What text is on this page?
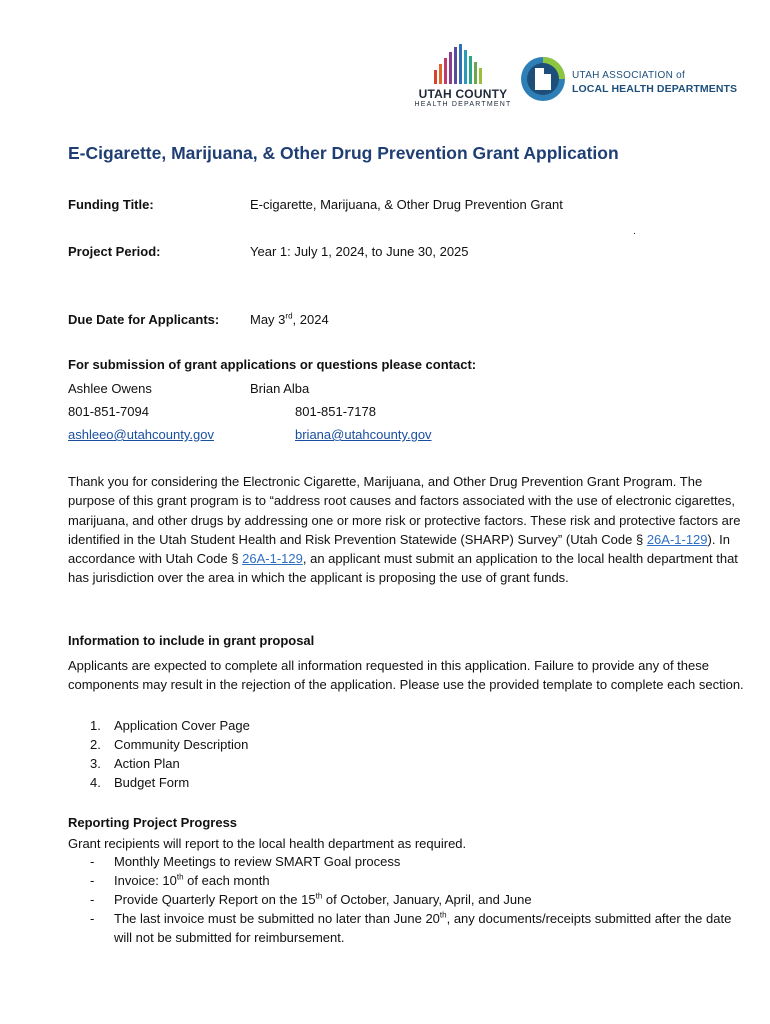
UTAH COUNTY
HEALTH DEPARTMENT
UTAH ASSOCIATION of
LOCAL HEALTH DEPARTMENTS
E-Cigarette, Marijuana, & Other Drug Prevention Grant Application
Funding Title:	E-cigarette, Marijuana, & Other Drug Prevention Grant
.
Project Period:	Year 1: July 1, 2024, to June 30, 2025
Due Date for Applicants: May 3rd, 2024
For submission of grant applications or questions please contact:
Ashlee Owens	Brian Alba
801-851-7094	801-851-7178
ashleeo@utahcounty.gov	briana@utahcounty.gov

Thank you for considering the Electronic Cigarette, Marijuana, and Other Drug Prevention Grant Program. The purpose of this grant program is to “address root causes and factors associated with the use of electronic cigarettes, marijuana, and other drugs by addressing one or more risk or protective factors. These risk and protective factors are identified in the Utah Student Health and Risk Prevention Statewide (SHARP) Survey” (Utah Code § 26A-1-129). In accordance with Utah Code § 26A-1-129, an applicant must submit an application to the local health department that has jurisdiction over the area in which the applicant is proposing the use of grant funds.

Information to include in grant proposal
Applicants are expected to complete all information requested in this application. Failure to provide any of these components may result in the rejection of the application. Please use the provided template to complete each section.
1. Application Cover Page
2. Community Description
3. Action Plan
4. Budget Form
Reporting Project Progress
Grant recipients will report to the local health department as required.
- Monthly Meetings to review SMART Goal process
- Invoice: 10th of each month
- Provide Quarterly Report on the 15th of October, January, April, and June
- The last invoice must be submitted no later than June 20th, any documents/receipts submitted after the date will not be submitted for reimbursement.
